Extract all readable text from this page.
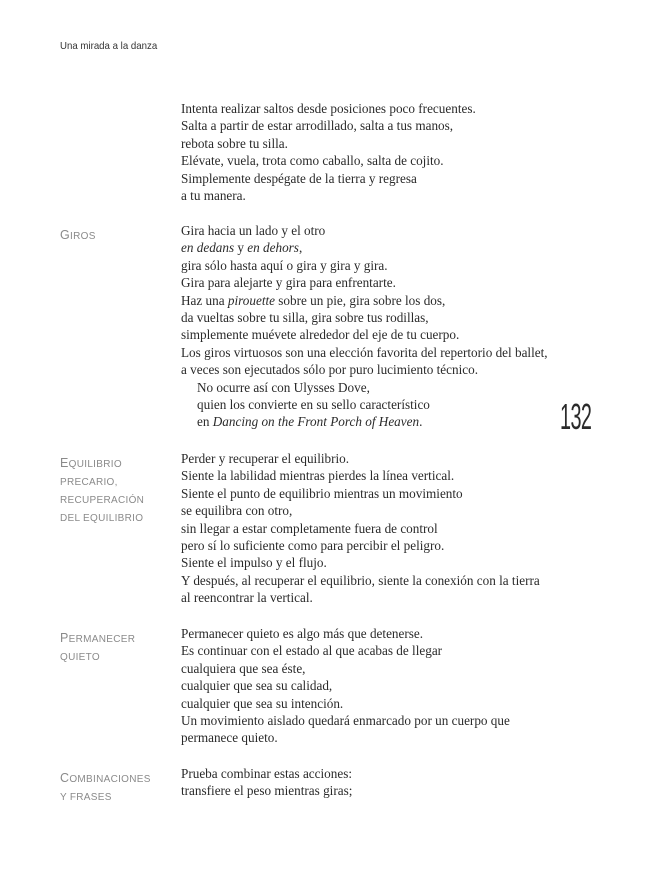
Una mirada a la danza
132
Intenta realizar saltos desde posiciones poco frecuentes.
Salta a partir de estar arrodillado, salta a tus manos,
rebota sobre tu silla.
Elévate, vuela, trota como caballo, salta de cojito.
Simplemente despégate de la tierra y regresa
a tu manera.
GIROS	Gira hacia un lado y el otro
en dedans y en dehors,
gira sólo hasta aquí o gira y gira y gira.
Gira para alejarte y gira para enfrentarte.
Haz una pirouette sobre un pie, gira sobre los dos,
da vueltas sobre tu silla, gira sobre tus rodillas,
simplemente muévete alrededor del eje de tu cuerpo.
Los giros virtuosos son una elección favorita del repertorio del ballet,
a veces son ejecutados sólo por puro lucimiento técnico.
No ocurre así con Ulysses Dove,
quien los convierte en su sello característico
en Dancing on the Front Porch of Heaven.
EQUILIBRIO
PRECARIO,
RECUPERACIÓN
DEL EQUILIBRIO
Perder y recuperar el equilibrio.
Siente la labilidad mientras pierdes la línea vertical.
Siente el punto de equilibrio mientras un movimiento
se equilibra con otro,
sin llegar a estar completamente fuera de control
pero sí lo suficiente como para percibir el peligro.
Siente el impulso y el flujo.
Y después, al recuperar el equilibrio, siente la conexión con la tierra
al reencontrar la vertical.
PERMANECER
QUIETO
Permanecer quieto es algo más que detenerse.
Es continuar con el estado al que acabas de llegar
cualquiera que sea éste,
cualquier que sea su calidad,
cualquier que sea su intención.
Un movimiento aislado quedará enmarcado por un cuerpo que
permanece quieto.
COMBINACIONES
Y FRASES
Prueba combinar estas acciones:
transfiere el peso mientras giras;
